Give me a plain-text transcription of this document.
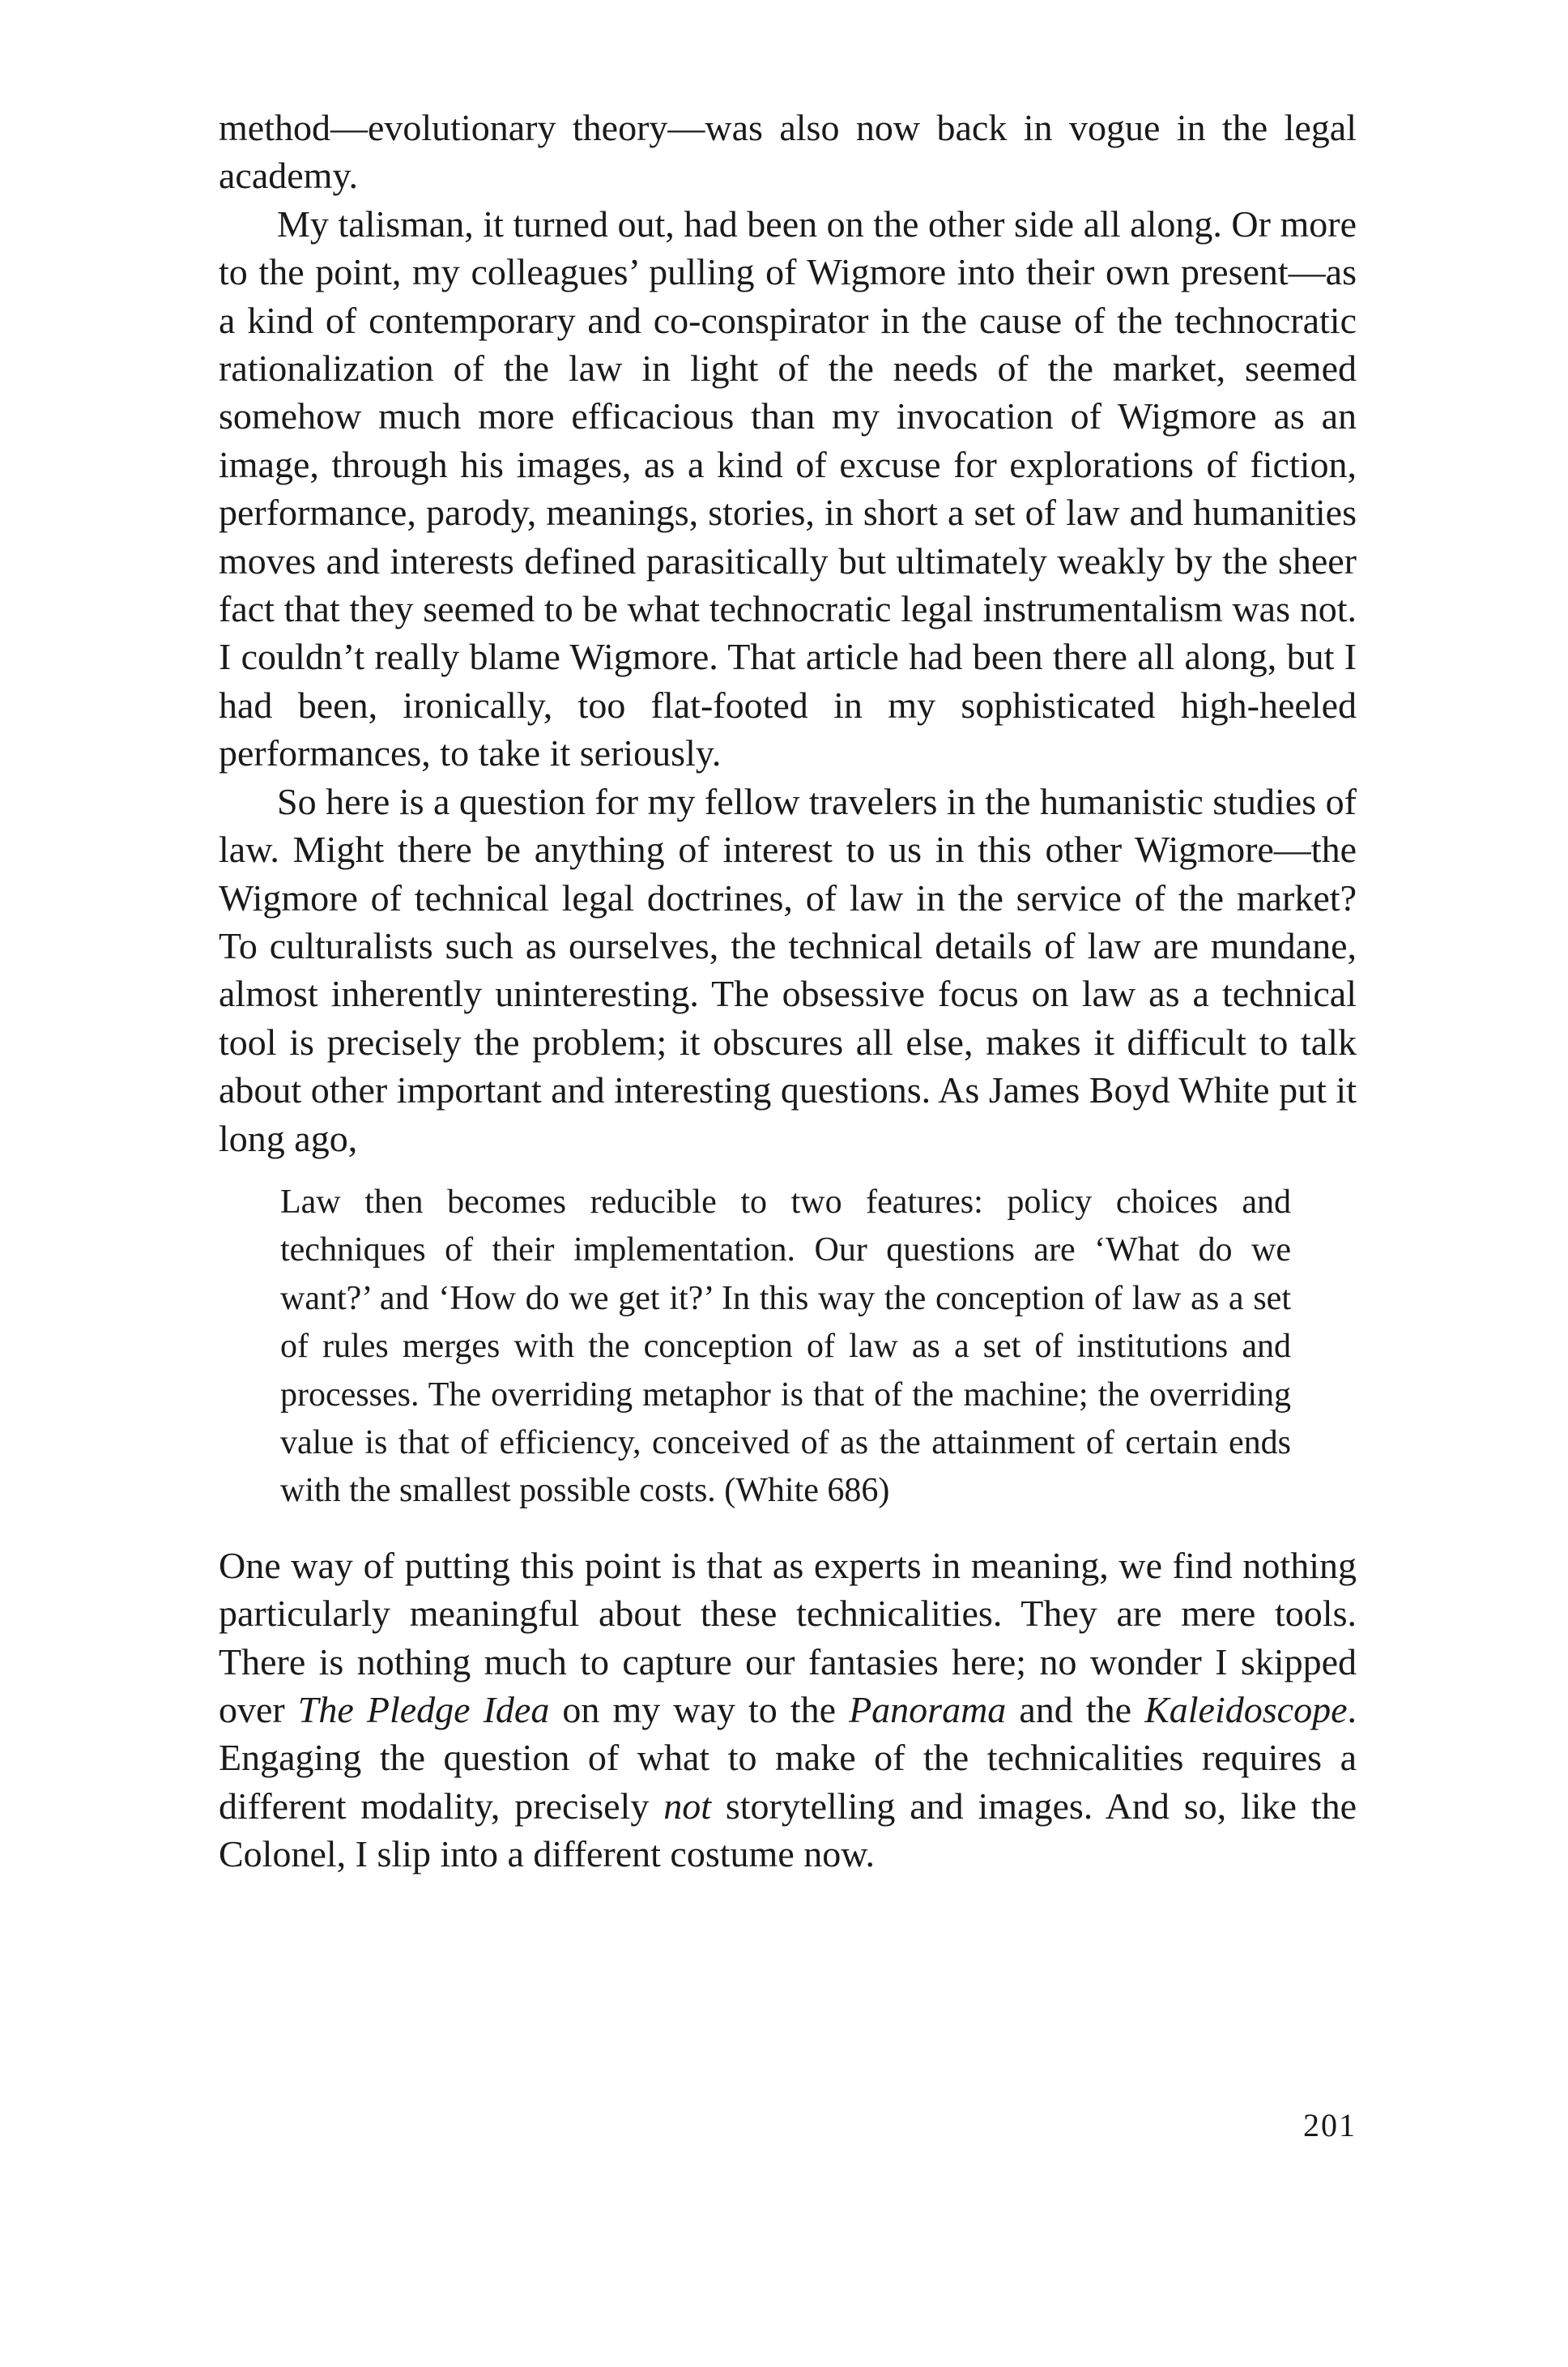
method—evolutionary theory—was also now back in vogue in the legal academy.

My talisman, it turned out, had been on the other side all along. Or more to the point, my colleagues’ pulling of Wigmore into their own present—as a kind of contemporary and co-conspirator in the cause of the technocratic rationalization of the law in light of the needs of the market, seemed somehow much more efficacious than my invocation of Wigmore as an image, through his images, as a kind of excuse for explorations of fiction, performance, parody, meanings, stories, in short a set of law and humanities moves and interests defined parasitically but ultimately weakly by the sheer fact that they seemed to be what technocratic legal instrumentalism was not. I couldn’t really blame Wigmore. That article had been there all along, but I had been, ironically, too flat-footed in my sophisticated high-heeled performances, to take it seriously.

So here is a question for my fellow travelers in the humanistic studies of law. Might there be anything of interest to us in this other Wigmore—the Wigmore of technical legal doctrines, of law in the service of the market? To culturalists such as ourselves, the technical details of law are mundane, almost inherently uninteresting. The obsessive focus on law as a technical tool is precisely the problem; it obscures all else, makes it difficult to talk about other important and interesting questions. As James Boyd White put it long ago,

Law then becomes reducible to two features: policy choices and techniques of their implementation. Our questions are ‘What do we want?’ and ‘How do we get it?’ In this way the conception of law as a set of rules merges with the conception of law as a set of institutions and processes. The overriding metaphor is that of the machine; the overriding value is that of efficiency, conceived of as the attainment of certain ends with the smallest possible costs. (White 686)

One way of putting this point is that as experts in meaning, we find nothing particularly meaningful about these technicalities. They are mere tools. There is nothing much to capture our fantasies here; no wonder I skipped over The Pledge Idea on my way to the Panorama and the Kaleidoscope. Engaging the question of what to make of the technicalities requires a different modality, precisely not storytelling and images. And so, like the Colonel, I slip into a different costume now.

201
